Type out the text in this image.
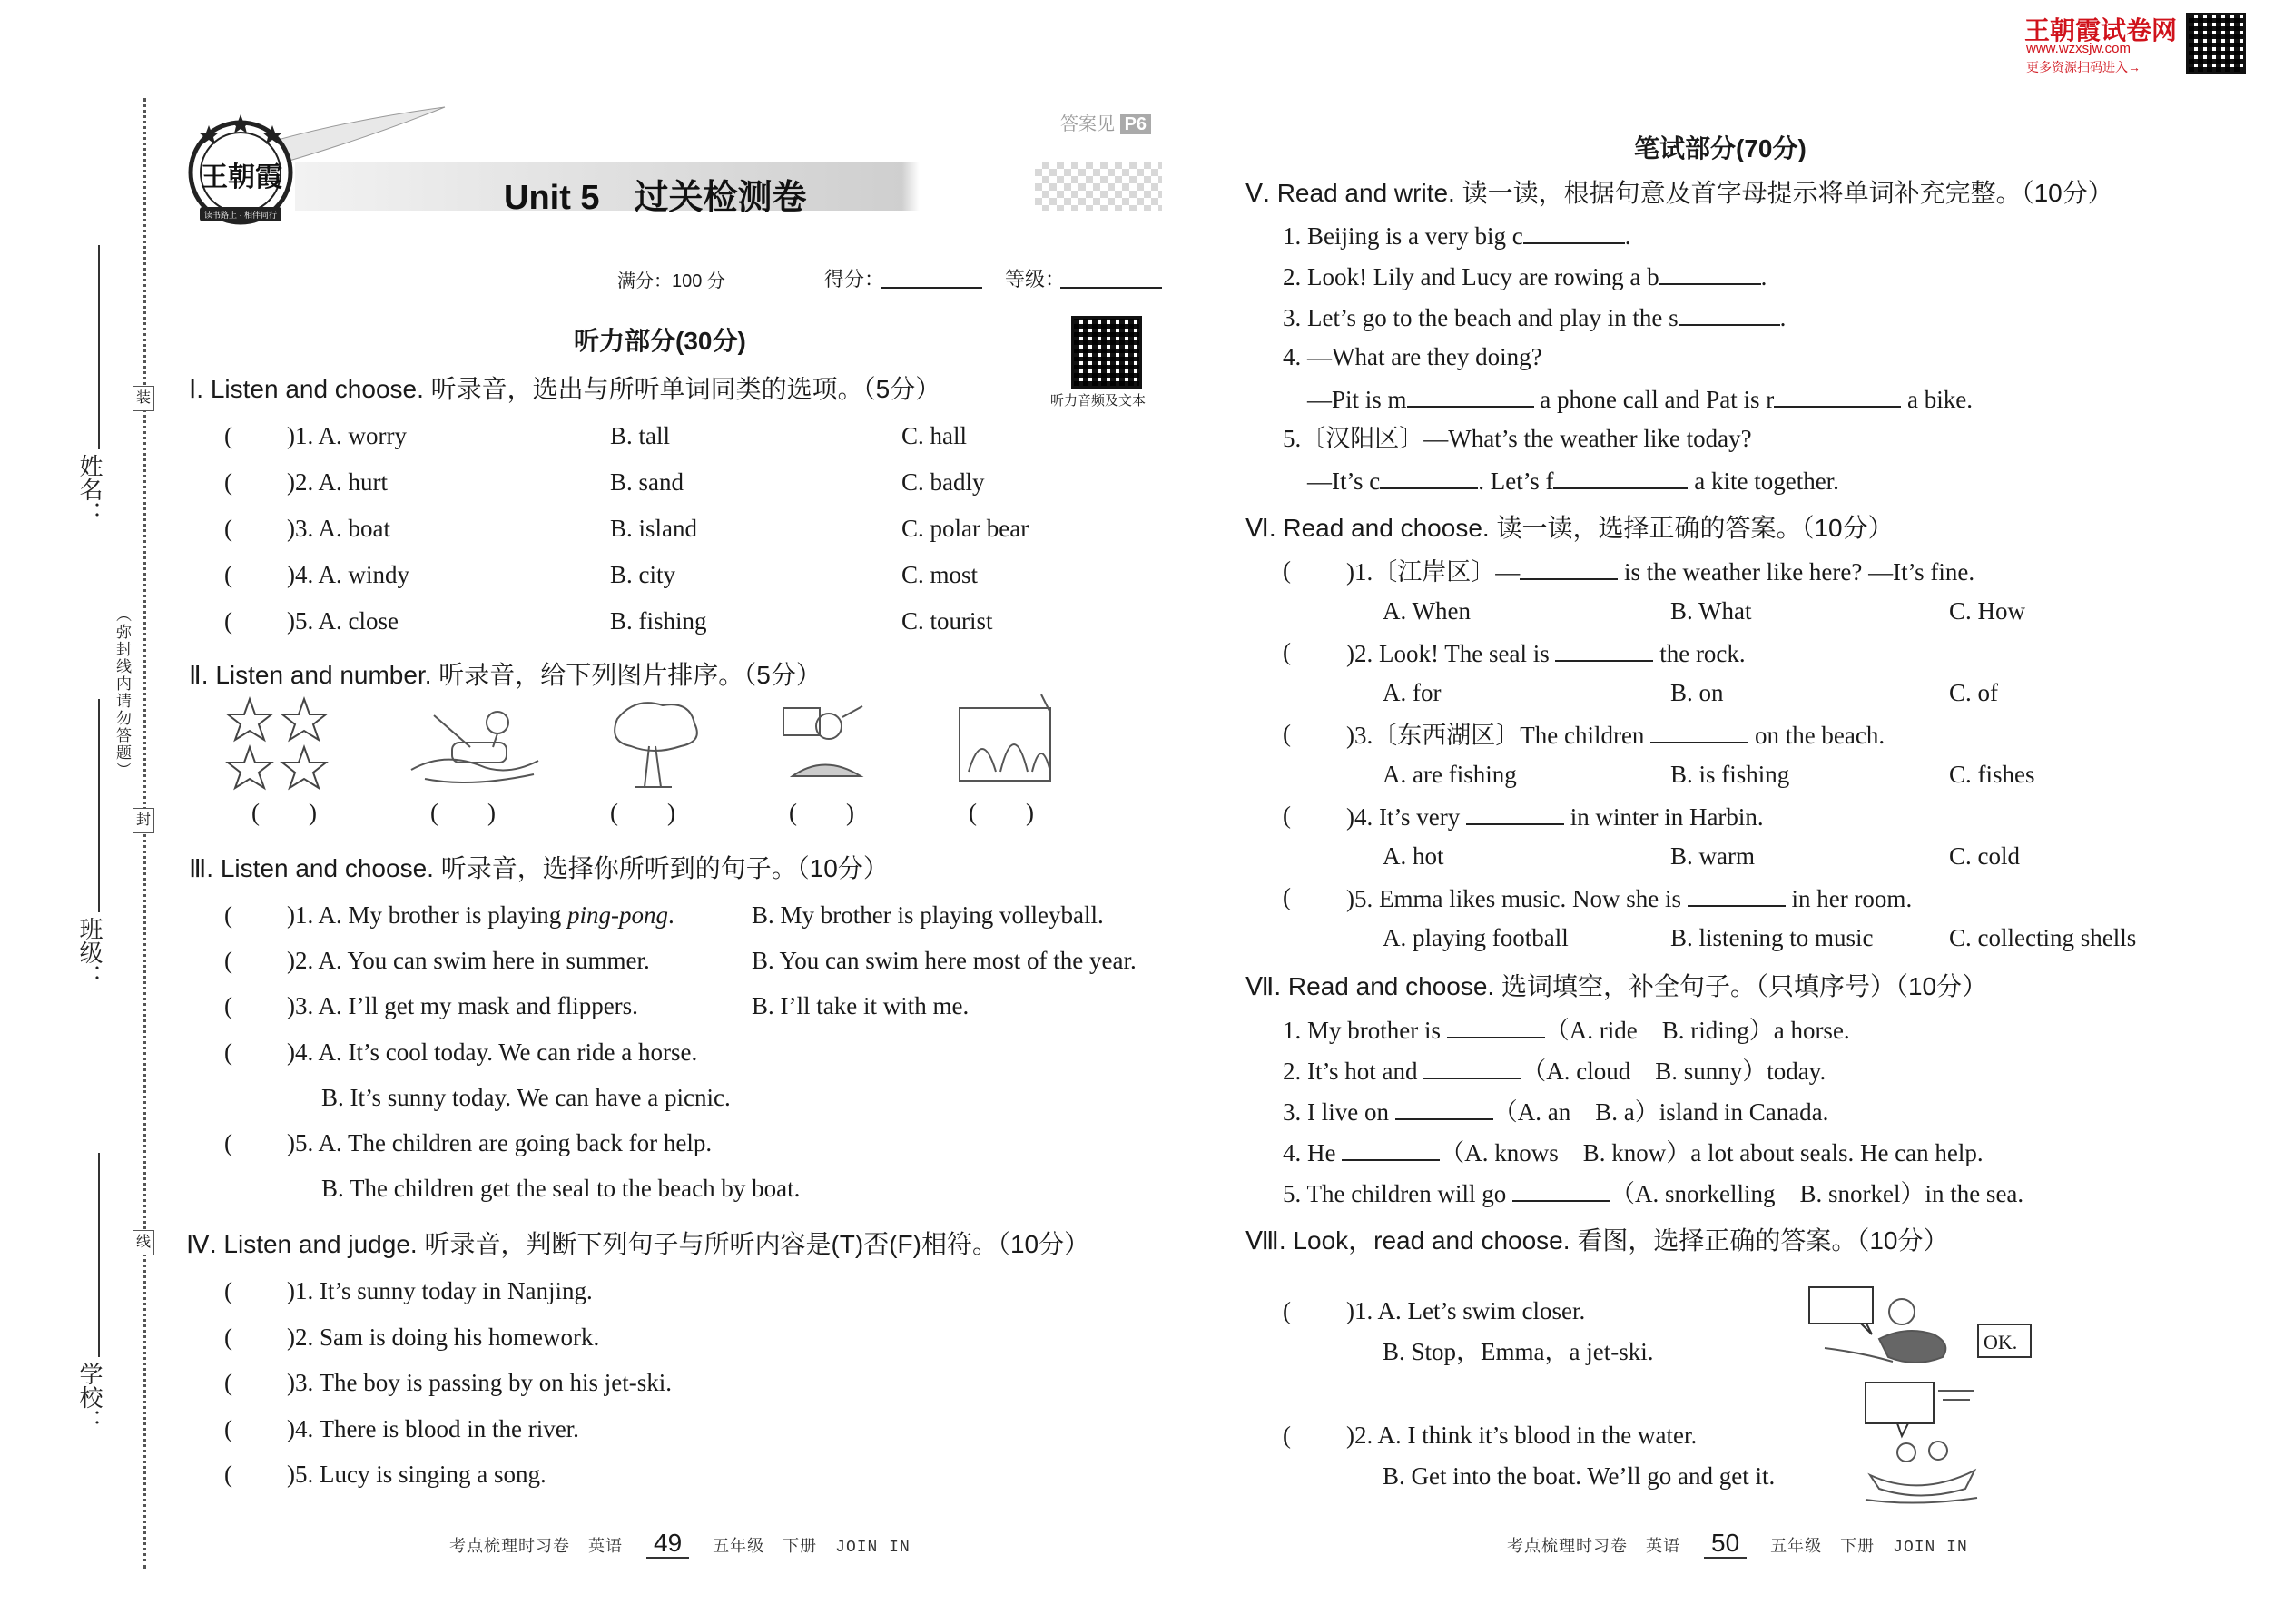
姓名：
班级：
学校：
（弥封线内请勿答题）
装
封
线
王朝霞试卷网
www.wzxsjw.com
更多资源扫码进入→
王朝霞
读书路上 · 相伴同行
答案见 P6
Unit 5　过关检测卷
满分：100 分	得分：	等级：
听力音频及文本
听力部分(30分)
Ⅰ. Listen and choose. 听录音，选出与所听单词同类的选项。（5分）
( )1. A. worry	B. tall	C. hall
( )2. A. hurt	B. sand	C. badly
( )3. A. boat	B. island	C. polar bear
( )4. A. windy	B. city	C. most
( )5. A. close	B. fishing	C. tourist
Ⅱ. Listen and number. 听录音，给下列图片排序。（5分）
(　　)	(　　)	(　　)	(　　)	(　　)
Ⅲ. Listen and choose. 听录音，选择你所听到的句子。（10分）
( )1. A. My brother is playing ping-pong.	B. My brother is playing volleyball.
( )2. A. You can swim here in summer.	B. You can swim here most of the year.
( )3. A. I’ll get my mask and flippers.	B. I’ll take it with me.
( )4. A. It’s cool today. We can ride a horse.
B. It’s sunny today. We can have a picnic.
( )5. A. The children are going back for help.
B. The children get the seal to the beach by boat.
Ⅳ. Listen and judge. 听录音，判断下列句子与所听内容是(T)否(F)相符。（10分）
( )1. It’s sunny today in Nanjing.
( )2. Sam is doing his homework.
( )3. The boy is passing by on his jet-ski.
( )4. There is blood in the river.
( )5. Lucy is singing a song.
考点梳理时习卷 英语 49 五年级 下册 JOIN IN
笔试部分(70分)
Ⅴ. Read and write. 读一读，根据句意及首字母提示将单词补充完整。（10分）
1. Beijing is a very big c	.
2. Look! Lily and Lucy are rowing a b	.
3. Let’s go to the beach and play in the s	.
4. —What are they doing?
—Pit is m	a phone call and Pat is r	a bike.
5.〔汉阳区〕—What’s the weather like today?
—It’s c	. Let’s f	a kite together.
Ⅵ. Read and choose. 读一读，选择正确的答案。（10分）
( )1.〔江岸区〕—	is the weather like here? —It’s fine.
A. When	B. What	C. How
( )2. Look! The seal is	the rock.
A. for	B. on	C. of
( )3.〔东西湖区〕The children	on the beach.
A. are fishing	B. is fishing	C. fishes
( )4. It’s very	in winter in Harbin.
A. hot	B. warm	C. cold
( )5. Emma likes music. Now she is	in her room.
A. playing football	B. listening to music	C. collecting shells
Ⅶ. Read and choose. 选词填空，补全句子。（只填序号）（10分）
1. My brother is	（A. ride　B. riding）a horse.
2. It’s hot and	（A. cloud　B. sunny）today.
3. I live on	（A. an　B. a）island in Canada.
4. He	（A. knows　B. know）a lot about seals. He can help.
5. The children will go	（A. snorkelling　B. snorkel）in the sea.
Ⅷ. Look，read and choose. 看图，选择正确的答案。（10分）
( )1. A. Let’s swim closer.
B. Stop，Emma，a jet-ski.	OK.
( )2. A. I think it’s blood in the water.
B. Get into the boat. We’ll go and get it.
考点梳理时习卷 英语 50 五年级 下册 JOIN IN
